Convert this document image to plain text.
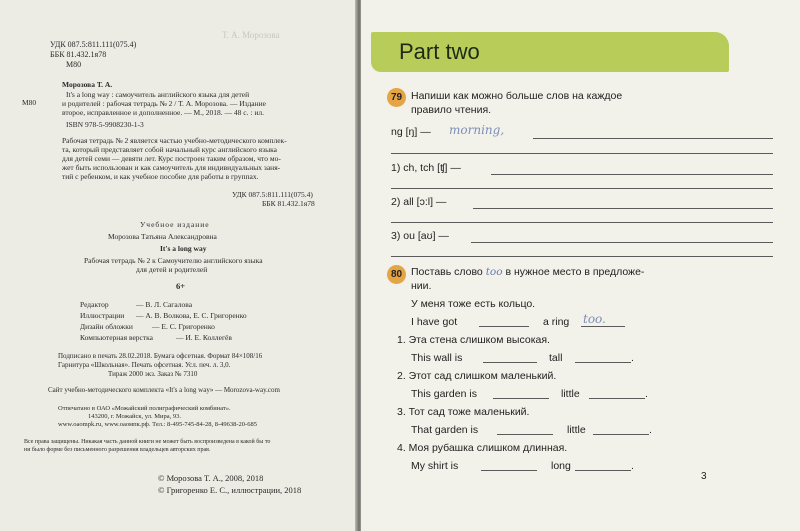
Т. А. Морозова
УДК 087.5:811.111(075.4)
ББК 81.432.1я78
М80
Морозова Т. А.
М80
It's a long way : самоучитель английского языка для детей
и родителей : рабочая тетрадь № 2 / Т. А. Морозова. — Издание
второе, исправленное и дополненное. — М., 2018. — 48 с. : ил.
ISBN 978-5-9908230-1-3
Рабочая тетрадь № 2 является частью учебно-методического комплек-
та, который представляет собой начальный курс английского языка
для детей семи — девяти лет. Курс построен таким образом, что мо-
жет быть использован и как самоучитель для индивидуальных заня-
тий с ребенком, и как учебное пособие для работы в группах.
УДК 087.5:811.111(075.4)
ББК 81.432.1я78
Учебное издание
Морозова Татьяна Александровна
It's a long way
Рабочая тетрадь № 2 к Самоучителю английского языка
для детей и родителей
6+
Редактор	— В. Л. Сагалова
Иллюстрации — А. В. Волкова, Е. С. Григоренко
Дизайн обложки	— Е. С. Григоренко
Компьютерная верстка	— И. Е. Коллегёв
Подписано в печать 28.02.2018. Бумага офсетная. Формат 84×108/16
Гарнитура «Школьная». Печать офсетная. Усл. печ. л. 3,0.
Тираж 2000 экз. Заказ № 7310
Сайт учебно-методического комплекта «It's a long way» — Morozova-way.com
Отпечатано в ОАО «Можайский полиграфический комбинат».
143200, г. Можайск, ул. Мира, 93.
www.oaompk.ru, www.оаомпк.рф. Тел.: 8-495-745-84-28, 8-49638-20-685
Все права защищены. Никакая часть данной книги не может быть воспроизведена в какой бы то
ни было форме без письменного разрешения владельцев авторских прав.
© Морозова Т. А., 2008, 2018
© Григоренко Е. С., иллюстрации, 2018
Part two
79 Напиши как можно больше слов на каждое
правило чтения.
ng [ŋ] — morning,
1) ch, tch [ʧ] —
2) all [ɔ:l] —
3) ou [aʊ] —
80 Поставь слово too в нужное место в предложе-
нии.
У меня тоже есть кольцо.
I have got	a ring too.
1. Эта стена слишком высокая.
This wall is	tall	.
2. Этот сад слишком маленький.
This garden is	little	.
3. Тот сад тоже маленький.
That garden is	little	.
4. Моя рубашка слишком длинная.
My shirt is	long	.
3
